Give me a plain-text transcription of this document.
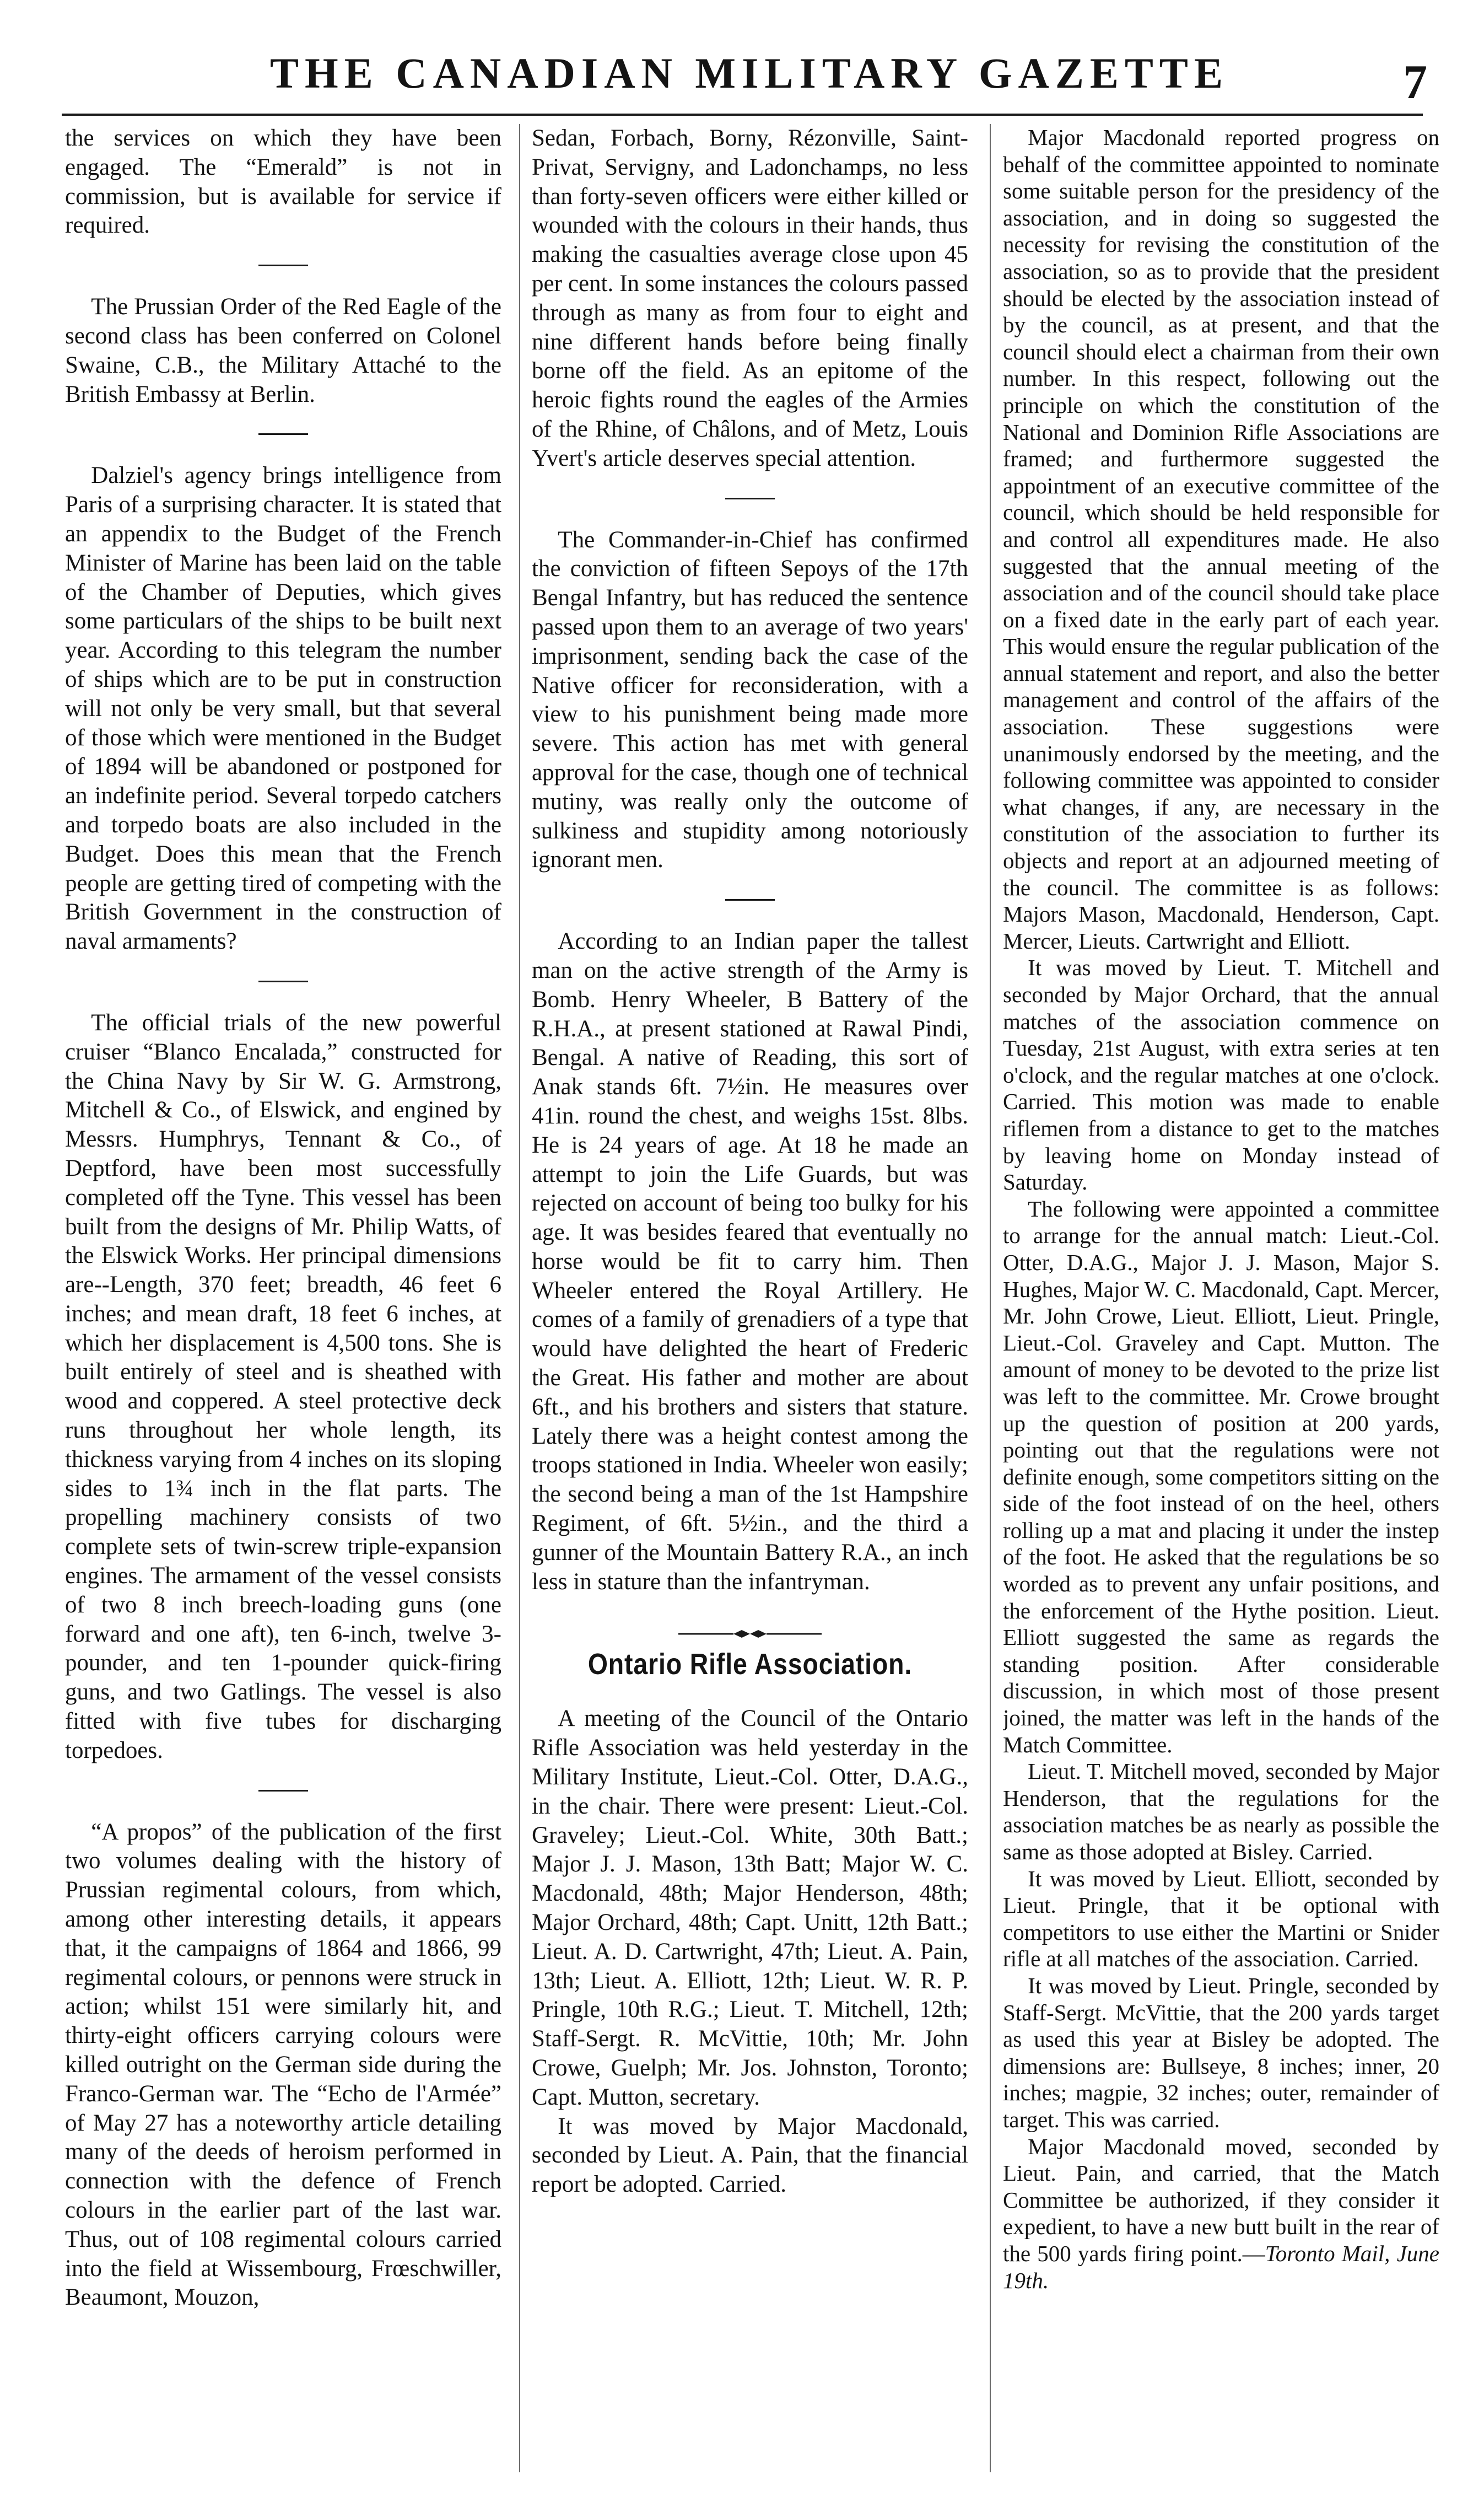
THE CANADIAN MILITARY GAZETTE	7

the services on which they have been engaged. The “Emerald” is not in commission, but is available for service if required.

The Prussian Order of the Red Eagle of the second class has been conferred on Colonel Swaine, C.B., the Military Attaché to the British Embassy at Berlin.

Dalziel's agency brings intelligence from Paris of a surprising character. It is stated that an appendix to the Budget of the French Minister of Marine has been laid on the table of the Chamber of Deputies, which gives some particulars of the ships to be built next year. According to this telegram the number of ships which are to be put in construction will not only be very small, but that several of those which were mentioned in the Budget of 1894 will be abandoned or postponed for an indefinite period. Several torpedo catchers and torpedo boats are also included in the Budget. Does this mean that the French people are getting tired of competing with the British Government in the construction of naval armaments?

The official trials of the new powerful cruiser “Blanco Encalada,” constructed for the China Navy by Sir W. G. Armstrong, Mitchell & Co., of Elswick, and engined by Messrs. Humphrys, Tennant & Co., of Deptford, have been most successfully completed off the Tyne. This vessel has been built from the designs of Mr. Philip Watts, of the Elswick Works. Her principal dimensions are--Length, 370 feet; breadth, 46 feet 6 inches; and mean draft, 18 feet 6 inches, at which her displacement is 4,500 tons. She is built entirely of steel and is sheathed with wood and coppered. A steel protective deck runs throughout her whole length, its thickness varying from 4 inches on its sloping sides to 1¾ inch in the flat parts. The propelling machinery consists of two complete sets of twin-screw triple-expansion engines. The armament of the vessel consists of two 8 inch breech-loading guns (one forward and one aft), ten 6-inch, twelve 3-pounder, and ten 1-pounder quick-firing guns, and two Gatlings. The vessel is also fitted with five tubes for discharging torpedoes.

“A propos” of the publication of the first two volumes dealing with the history of Prussian regimental colours, from which, among other interesting details, it appears that, it the campaigns of 1864 and 1866, 99 regimental colours, or pennons were struck in action; whilst 151 were similarly hit, and thirty-eight officers carrying colours were killed outright on the German side during the Franco-German war. The “Echo de l'Armée” of May 27 has a noteworthy article detailing many of the deeds of heroism performed in connection with the defence of French colours in the earlier part of the last war. Thus, out of 108 regimental colours carried into the field at Wissembourg, Frœschwiller, Beaumont, Mouzon,

Sedan, Forbach, Borny, Rézonville, Saint-Privat, Servigny, and Ladonchamps, no less than forty-seven officers were either killed or wounded with the colours in their hands, thus making the casualties average close upon 45 per cent. In some instances the colours passed through as many as from four to eight and nine different hands before being finally borne off the field. As an epitome of the heroic fights round the eagles of the Armies of the Rhine, of Châlons, and of Metz, Louis Yvert's article deserves special attention.

The Commander-in-Chief has confirmed the conviction of fifteen Sepoys of the 17th Bengal Infantry, but has reduced the sentence passed upon them to an average of two years' imprisonment, sending back the case of the Native officer for reconsideration, with a view to his punishment being made more severe. This action has met with general approval for the case, though one of technical mutiny, was really only the outcome of sulkiness and stupidity among notoriously ignorant men.

According to an Indian paper the tallest man on the active strength of the Army is Bomb. Henry Wheeler, B Battery of the R.H.A., at present stationed at Rawal Pindi, Bengal. A native of Reading, this sort of Anak stands 6ft. 7½in. He measures over 41in. round the chest, and weighs 15st. 8lbs. He is 24 years of age. At 18 he made an attempt to join the Life Guards, but was rejected on account of being too bulky for his age. It was besides feared that eventually no horse would be fit to carry him. Then Wheeler entered the Royal Artillery. He comes of a family of grenadiers of a type that would have delighted the heart of Frederic the Great. His father and mother are about 6ft., and his brothers and sisters that stature. Lately there was a height contest among the troops stationed in India. Wheeler won easily; the second being a man of the 1st Hampshire Regiment, of 6ft. 5½in., and the third a gunner of the Mountain Battery R.A., an inch less in stature than the infantryman.

Ontario Rifle Association.

A meeting of the Council of the Ontario Rifle Association was held yesterday in the Military Institute, Lieut.-Col. Otter, D.A.G., in the chair. There were present: Lieut.-Col. Graveley; Lieut.-Col. White, 30th Batt.; Major J. J. Mason, 13th Batt; Major W. C. Macdonald, 48th; Major Henderson, 48th; Major Orchard, 48th; Capt. Unitt, 12th Batt.; Lieut. A. D. Cartwright, 47th; Lieut. A. Pain, 13th; Lieut. A. Elliott, 12th; Lieut. W. R. P. Pringle, 10th R.G.; Lieut. T. Mitchell, 12th; Staff-Sergt. R. McVittie, 10th; Mr. John Crowe, Guelph; Mr. Jos. Johnston, Toronto; Capt. Mutton, secretary.

It was moved by Major Macdonald, seconded by Lieut. A. Pain, that the financial report be adopted. Carried.

Major Macdonald reported progress on behalf of the committee appointed to nominate some suitable person for the presidency of the association, and in doing so suggested the necessity for revising the constitution of the association, so as to provide that the president should be elected by the association instead of by the council, as at present, and that the council should elect a chairman from their own number. In this respect, following out the principle on which the constitution of the National and Dominion Rifle Associations are framed; and furthermore suggested the appointment of an executive committee of the council, which should be held responsible for and control all expenditures made. He also suggested that the annual meeting of the association and of the council should take place on a fixed date in the early part of each year. This would ensure the regular publication of the annual statement and report, and also the better management and control of the affairs of the association. These suggestions were unanimously endorsed by the meeting, and the following committee was appointed to consider what changes, if any, are necessary in the constitution of the association to further its objects and report at an adjourned meeting of the council. The committee is as follows: Majors Mason, Macdonald, Henderson, Capt. Mercer, Lieuts. Cartwright and Elliott.

It was moved by Lieut. T. Mitchell and seconded by Major Orchard, that the annual matches of the association commence on Tuesday, 21st August, with extra series at ten o'clock, and the regular matches at one o'clock. Carried. This motion was made to enable riflemen from a distance to get to the matches by leaving home on Monday instead of Saturday.

The following were appointed a committee to arrange for the annual match: Lieut.-Col. Otter, D.A.G., Major J. J. Mason, Major S. Hughes, Major W. C. Macdonald, Capt. Mercer, Mr. John Crowe, Lieut. Elliott, Lieut. Pringle, Lieut.-Col. Graveley and Capt. Mutton. The amount of money to be devoted to the prize list was left to the committee. Mr. Crowe brought up the question of position at 200 yards, pointing out that the regulations were not definite enough, some competitors sitting on the side of the foot instead of on the heel, others rolling up a mat and placing it under the instep of the foot. He asked that the regulations be so worded as to prevent any unfair positions, and the enforcement of the Hythe position. Lieut. Elliott suggested the same as regards the standing position. After considerable discussion, in which most of those present joined, the matter was left in the hands of the Match Committee.

Lieut. T. Mitchell moved, seconded by Major Henderson, that the regulations for the association matches be as nearly as possible the same as those adopted at Bisley. Carried.

It was moved by Lieut. Elliott, seconded by Lieut. Pringle, that it be optional with competitors to use either the Martini or Snider rifle at all matches of the association. Carried.

It was moved by Lieut. Pringle, seconded by Staff-Sergt. McVittie, that the 200 yards target as used this year at Bisley be adopted. The dimensions are: Bullseye, 8 inches; inner, 20 inches; magpie, 32 inches; outer, remainder of target. This was carried.

Major Macdonald moved, seconded by Lieut. Pain, and carried, that the Match Committee be authorized, if they consider it expedient, to have a new butt built in the rear of the 500 yards firing point.—Toronto Mail, June 19th.
